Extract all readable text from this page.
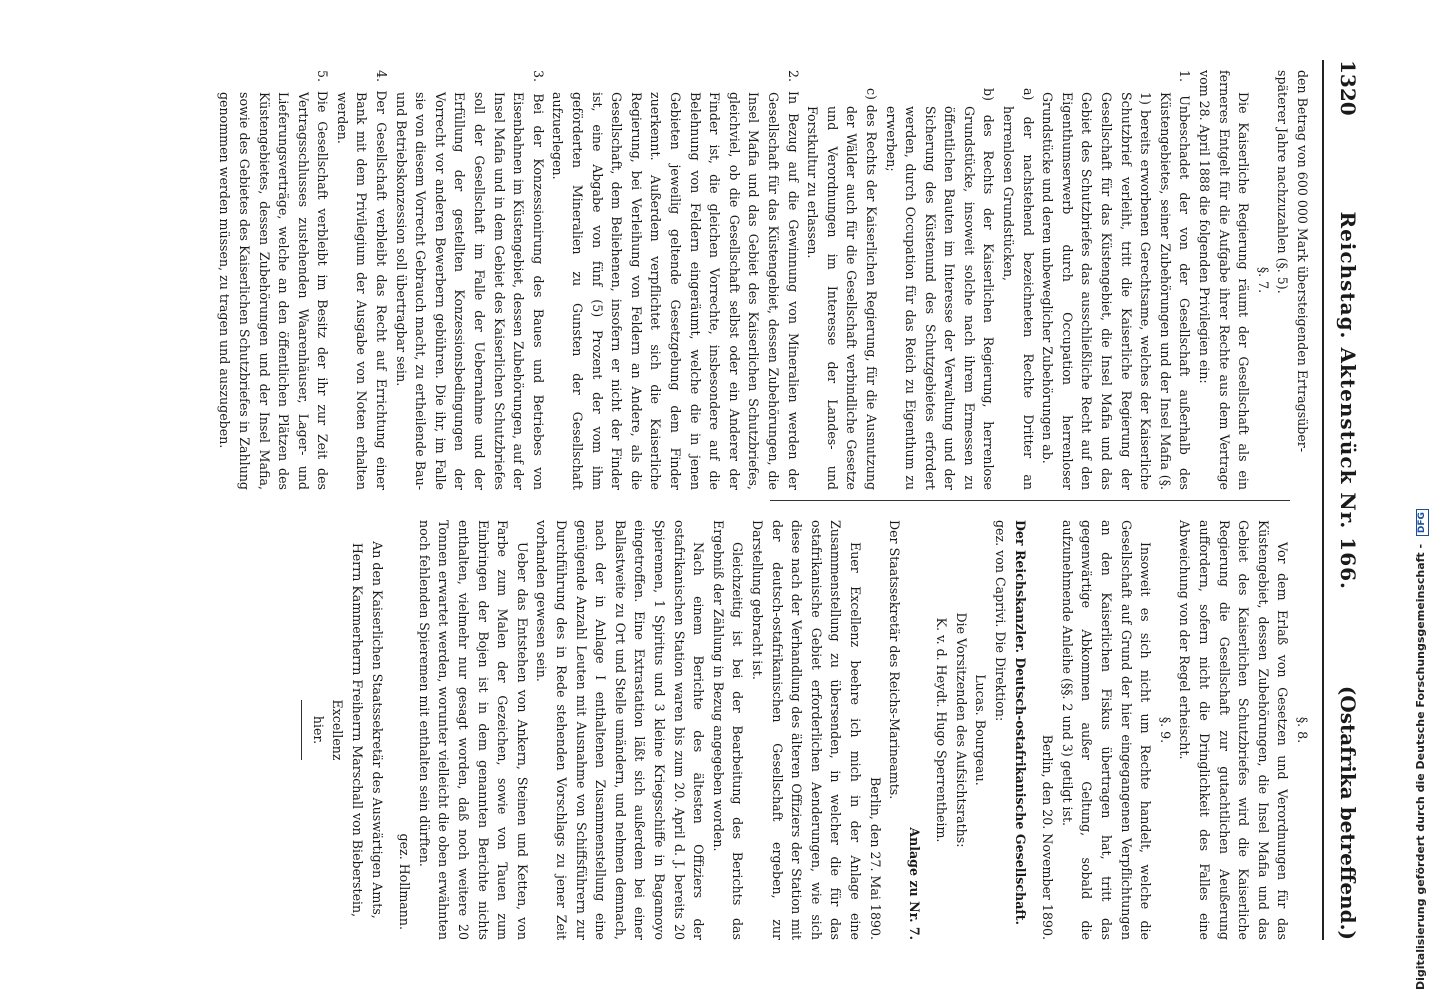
1320
Reichstag. Aktenstück Nr. 166.
(Ostafrika betreffend.)

den Betrag von 600 000 Mark übersteigenden Ertragsüber-

späterer Jahre nachzuzahlen (§. 5).

§. 7.

Die Kaiserliche Regierung räumt der Gesellschaft als ein ferneres Entgelt für die Aufgabe ihrer Rechte aus dem Vertrage vom 28. April 1888 die folgenden Privilegien ein:

1. Unbeschadet der von der Gesellschaft außerhalb des Küstengebietes, seiner Zubehörungen und der Insel Mafia (§. 1) bereits erworbenen Gerechtsame, welches der Kaiserliche Schutzbrief verleiht, tritt die Kaiserliche Regierung der Gesellschaft für das Küstengebiet, die Insel Mafia und das Gebiet des Schutzbriefes das ausschließliche Recht auf den Eigenthumserwerb durch Occupation herrenloser Grundstücke und deren unbeweglicher Zubehörungen ab.

a) der nachstehend bezeichneten Rechte Dritter an herrenlosen Grundstücken,

b) des Rechts der Kaiserlichen Regierung, herrenlose Grundstücke, insoweit solche nach ihrem Ermessen zu öffentlichen Bauten im Interesse der Verwaltung und der Sicherung des Küstenund des Schutzgebietes erfordert werden, durch Occupation für das Reich zu Eigenthum zu erwerben;

c) des Rechts der Kaiserlichen Regierung, für die Ausnutzung der Wälder auch für die Gesellschaft verbindliche Gesetze und Verordnungen im Interesse der Landes- und Forstkultur zu erlassen.

2. In Bezug auf die Gewinnung von Mineralien werden der Gesellschaft für das Küstengebiet, dessen Zubehörungen, die Insel Mafia und das Gebiet des Kaiserlichen Schutzbriefes, gleichviel, ob die Gesellschaft selbst oder ein Anderer der Finder ist, die gleichen Vorrechte, insbesondere auf die Belehnung von Feldern eingeräumt, welche die in jenen Gebieten jeweilig geltende Gesetzgebung dem Finder zuerkennt. Außerdem verpflichtet sich die Kaiserliche Regierung, bei Verleihung von Feldern an Andere, als die Gesellschaft, dem Beliehenen, insofern er nicht der Finder ist, eine Abgabe von fünf (5) Prozent der vom ihm geförderten Mineralien zu Gunsten der Gesellschaft aufzuerlegen.

3. Bei der Konzessionirung des Baues und Betriebes von Eisenbahnen im Küstengebiet, dessen Zubehörungen, auf der Insel Mafia und in dem Gebiet des Kaiserlichen Schutzbriefes soll der Gesellschaft im Falle der Uebernahme und der Erfüllung der gestellten Konzessionsbedingungen der Vorrecht vor anderen Bewerbern gebühren. Die ihr, im Falle sie von diesem Vorrecht Gebrauch macht, zu ertheilende Bau- und Betriebskonzession soll übertragbar sein.

4. Der Gesellschaft verbleibt das Recht auf Errichtung einer Bank mit dem Privilegium der Ausgabe von Noten erhalten werden.

5. Die Gesellschaft verbleibt im Besitz der ihr zur Zeit des Vertragsschlusses zustehenden Waarenhäuser, Lager- und Lieferungsverträge, welche an den öffentlichen Plätzen des Küstengebietes, dessen Zubehörungen und der Insel Mafia, sowie des Gebietes des Kaiserlichen Schutzbriefes in Zahlung genommen werden müssen, zu tragen und auszugeben.

§. 8.

Vor dem Erlaß von Gesetzen und Verordnungen für das Küstengebiet, dessen Zubehörungen, die Insel Mafia und das Gebiet des Kaiserlichen Schutzbriefes wird die Kaiserliche Regierung die Gesellschaft zur gutachtlichen Aeußerung auffordern, sofern nicht die Dringlichkeit des Falles eine Abweichung von der Regel erheischt.

§. 9.

Insoweit es sich nicht um Rechte handelt, welche die Gesellschaft auf Grund der hier eingegangenen Verpflichtungen an den Kaiserlichen Fiskus übertragen hat, tritt das gegenwärtige Abkommen außer Geltung, sobald die aufzunehmende Anleihe (§§. 2 und 3) getilgt ist.

Berlin, den 20. November 1890.

Der Reichskanzler. Deutsch-ostafrikanische Gesellschaft.

gez. von Caprivi. Die Direktion:

Lucas. Bourgeau.

Die Vorsitzenden des Aufsichtsraths:

K. v. d. Heydt. Hugo Sperrentheim.

Anlage zu Nr. 7.

Der Staatssekretär des Reichs-Marineamts.

Berlin, den 27. Mai 1890.

Euer Excellenz beehre ich mich in der Anlage eine Zusammenstellung zu übersenden, in welcher die für das ostafrikanische Gebiet erforderlichen Aenderungen, wie sich diese nach der Verhandlung des älteren Offiziers der Station mit der deutsch-ostafrikanischen Gesellschaft ergeben, zur Darstellung gebracht ist.

Gleichzeitig ist bei der Bearbeitung des Berichts das Ergebniß der Zählung in Bezug angegeben worden.

Nach einem Berichte des ältesten Offiziers der ostafrikanischen Station waren bis zum 20. April d. J. bereits 20 Spieremen, 1 Spiritus und 3 kleine Kriegsschiffe in Bagamoyo eingetroffen. Eine Extrastation läßt sich außerdem bei einer Ballastweite zu Ort und Stelle umändern, und nehmen demnach, nach der in Anlage I enthaltenen Zusammenstellung eine genügende Anzahl Leuten mit Ausnahme von Schiffsführern zur Durchführung des in Rede stehenden Vorschlags zu jener Zeit vorhanden gewesen sein.

Ueber das Entstehen von Ankern, Steinen und Ketten, von Farbe zum Malen der Gezeichen, sowie von Tauen zum Einbringen der Bojen ist in dem genannten Berichte nichts enthalten, vielmehr nur gesagt worden, daß noch weitere 20 Tonnen erwartet werden, worunter vielleicht die oben erwähnten noch fehlenden Spieremen mit enthalten sein dürften.

gez. Hollmann.

An den Kaiserlichen Staatssekretär des Auswärtigen Amts,

Herrn Kammerherrn Freiherrn Marschall von Bieberstein,

Excellenz

hier.	Digitalisierung gefördert durch die Deutsche Forschungsgemeinschaft - DFG
